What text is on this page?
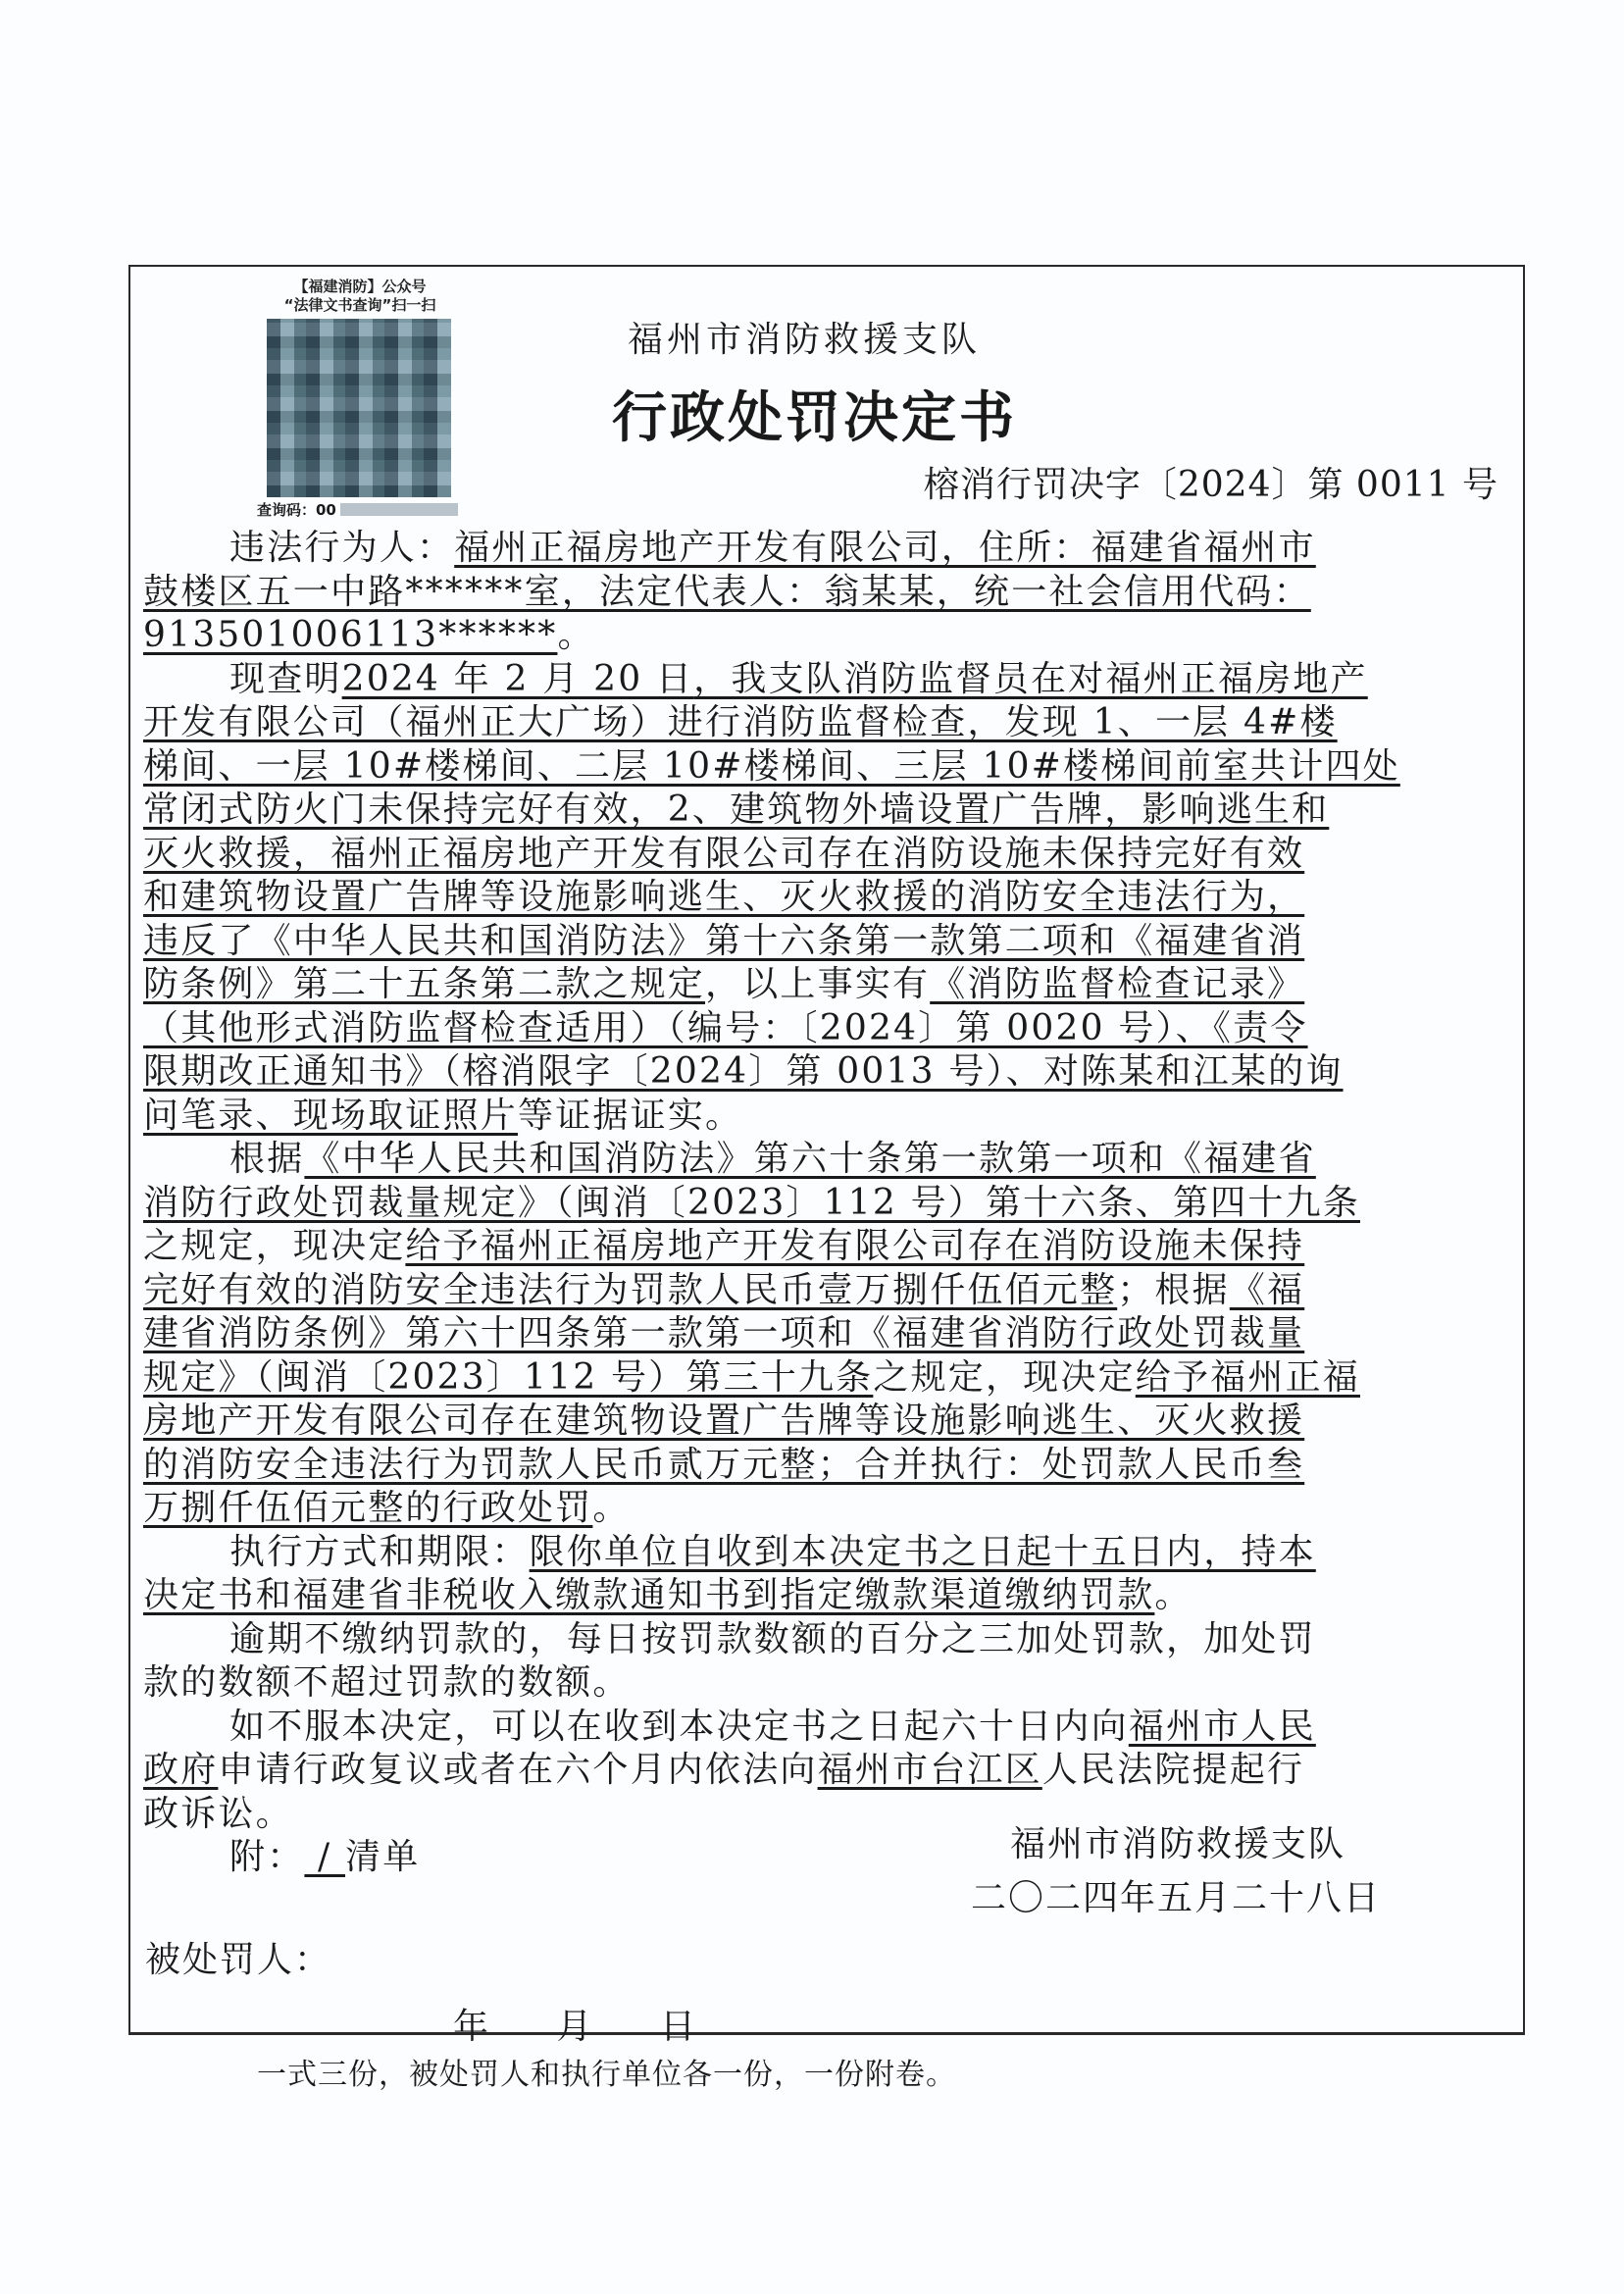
【福建消防】公众号
“法律文书查询”扫一扫
查询码：00
福州市消防救援支队
行政处罚决定书
榕消行罚决字〔2024〕第 0011 号
违法行为人：福州正福房地产开发有限公司，住所：福建省福州市
鼓楼区五一中路******室，法定代表人：翁某某，统一社会信用代码：
913501006113******。
现查明2024 年 2 月 20 日，我支队消防监督员在对福州正福房地产
开发有限公司（福州正大广场）进行消防监督检查，发现 1、一层 4#楼
梯间、一层 10#楼梯间、二层 10#楼梯间、三层 10#楼梯间前室共计四处
常闭式防火门未保持完好有效，2、建筑物外墙设置广告牌，影响逃生和
灭火救援，福州正福房地产开发有限公司存在消防设施未保持完好有效
和建筑物设置广告牌等设施影响逃生、灭火救援的消防安全违法行为，
违反了《中华人民共和国消防法》第十六条第一款第二项和《福建省消
防条例》第二十五条第二款之规定，以上事实有《消防监督检查记录》
（其他形式消防监督检查适用）（编号：〔2024〕第 0020 号）、《责令
限期改正通知书》（榕消限字〔2024〕第 0013 号）、对陈某和江某的询
问笔录、现场取证照片等证据证实。
根据《中华人民共和国消防法》第六十条第一款第一项和《福建省
消防行政处罚裁量规定》（闽消〔2023〕112 号）第十六条、第四十九条
之规定，现决定给予福州正福房地产开发有限公司存在消防设施未保持
完好有效的消防安全违法行为罚款人民币壹万捌仟伍佰元整；根据《福
建省消防条例》第六十四条第一款第一项和《福建省消防行政处罚裁量
规定》（闽消〔2023〕112 号）第三十九条之规定，现决定给予福州正福
房地产开发有限公司存在建筑物设置广告牌等设施影响逃生、灭火救援
的消防安全违法行为罚款人民币贰万元整；合并执行：处罚款人民币叁
万捌仟伍佰元整的行政处罚。
执行方式和期限：限你单位自收到本决定书之日起十五日内，持本
决定书和福建省非税收入缴款通知书到指定缴款渠道缴纳罚款。
逾期不缴纳罚款的，每日按罚款数额的百分之三加处罚款，加处罚
款的数额不超过罚款的数额。
如不服本决定，可以在收到本决定书之日起六十日内向福州市人民
政府申请行政复议或者在六个月内依法向福州市台江区人民法院提起行
政诉讼。
附： / 清单	福州市消防救援支队
二〇二四年五月二十八日
被处罚人：
年 月 日
一式三份，被处罚人和执行单位各一份，一份附卷。
